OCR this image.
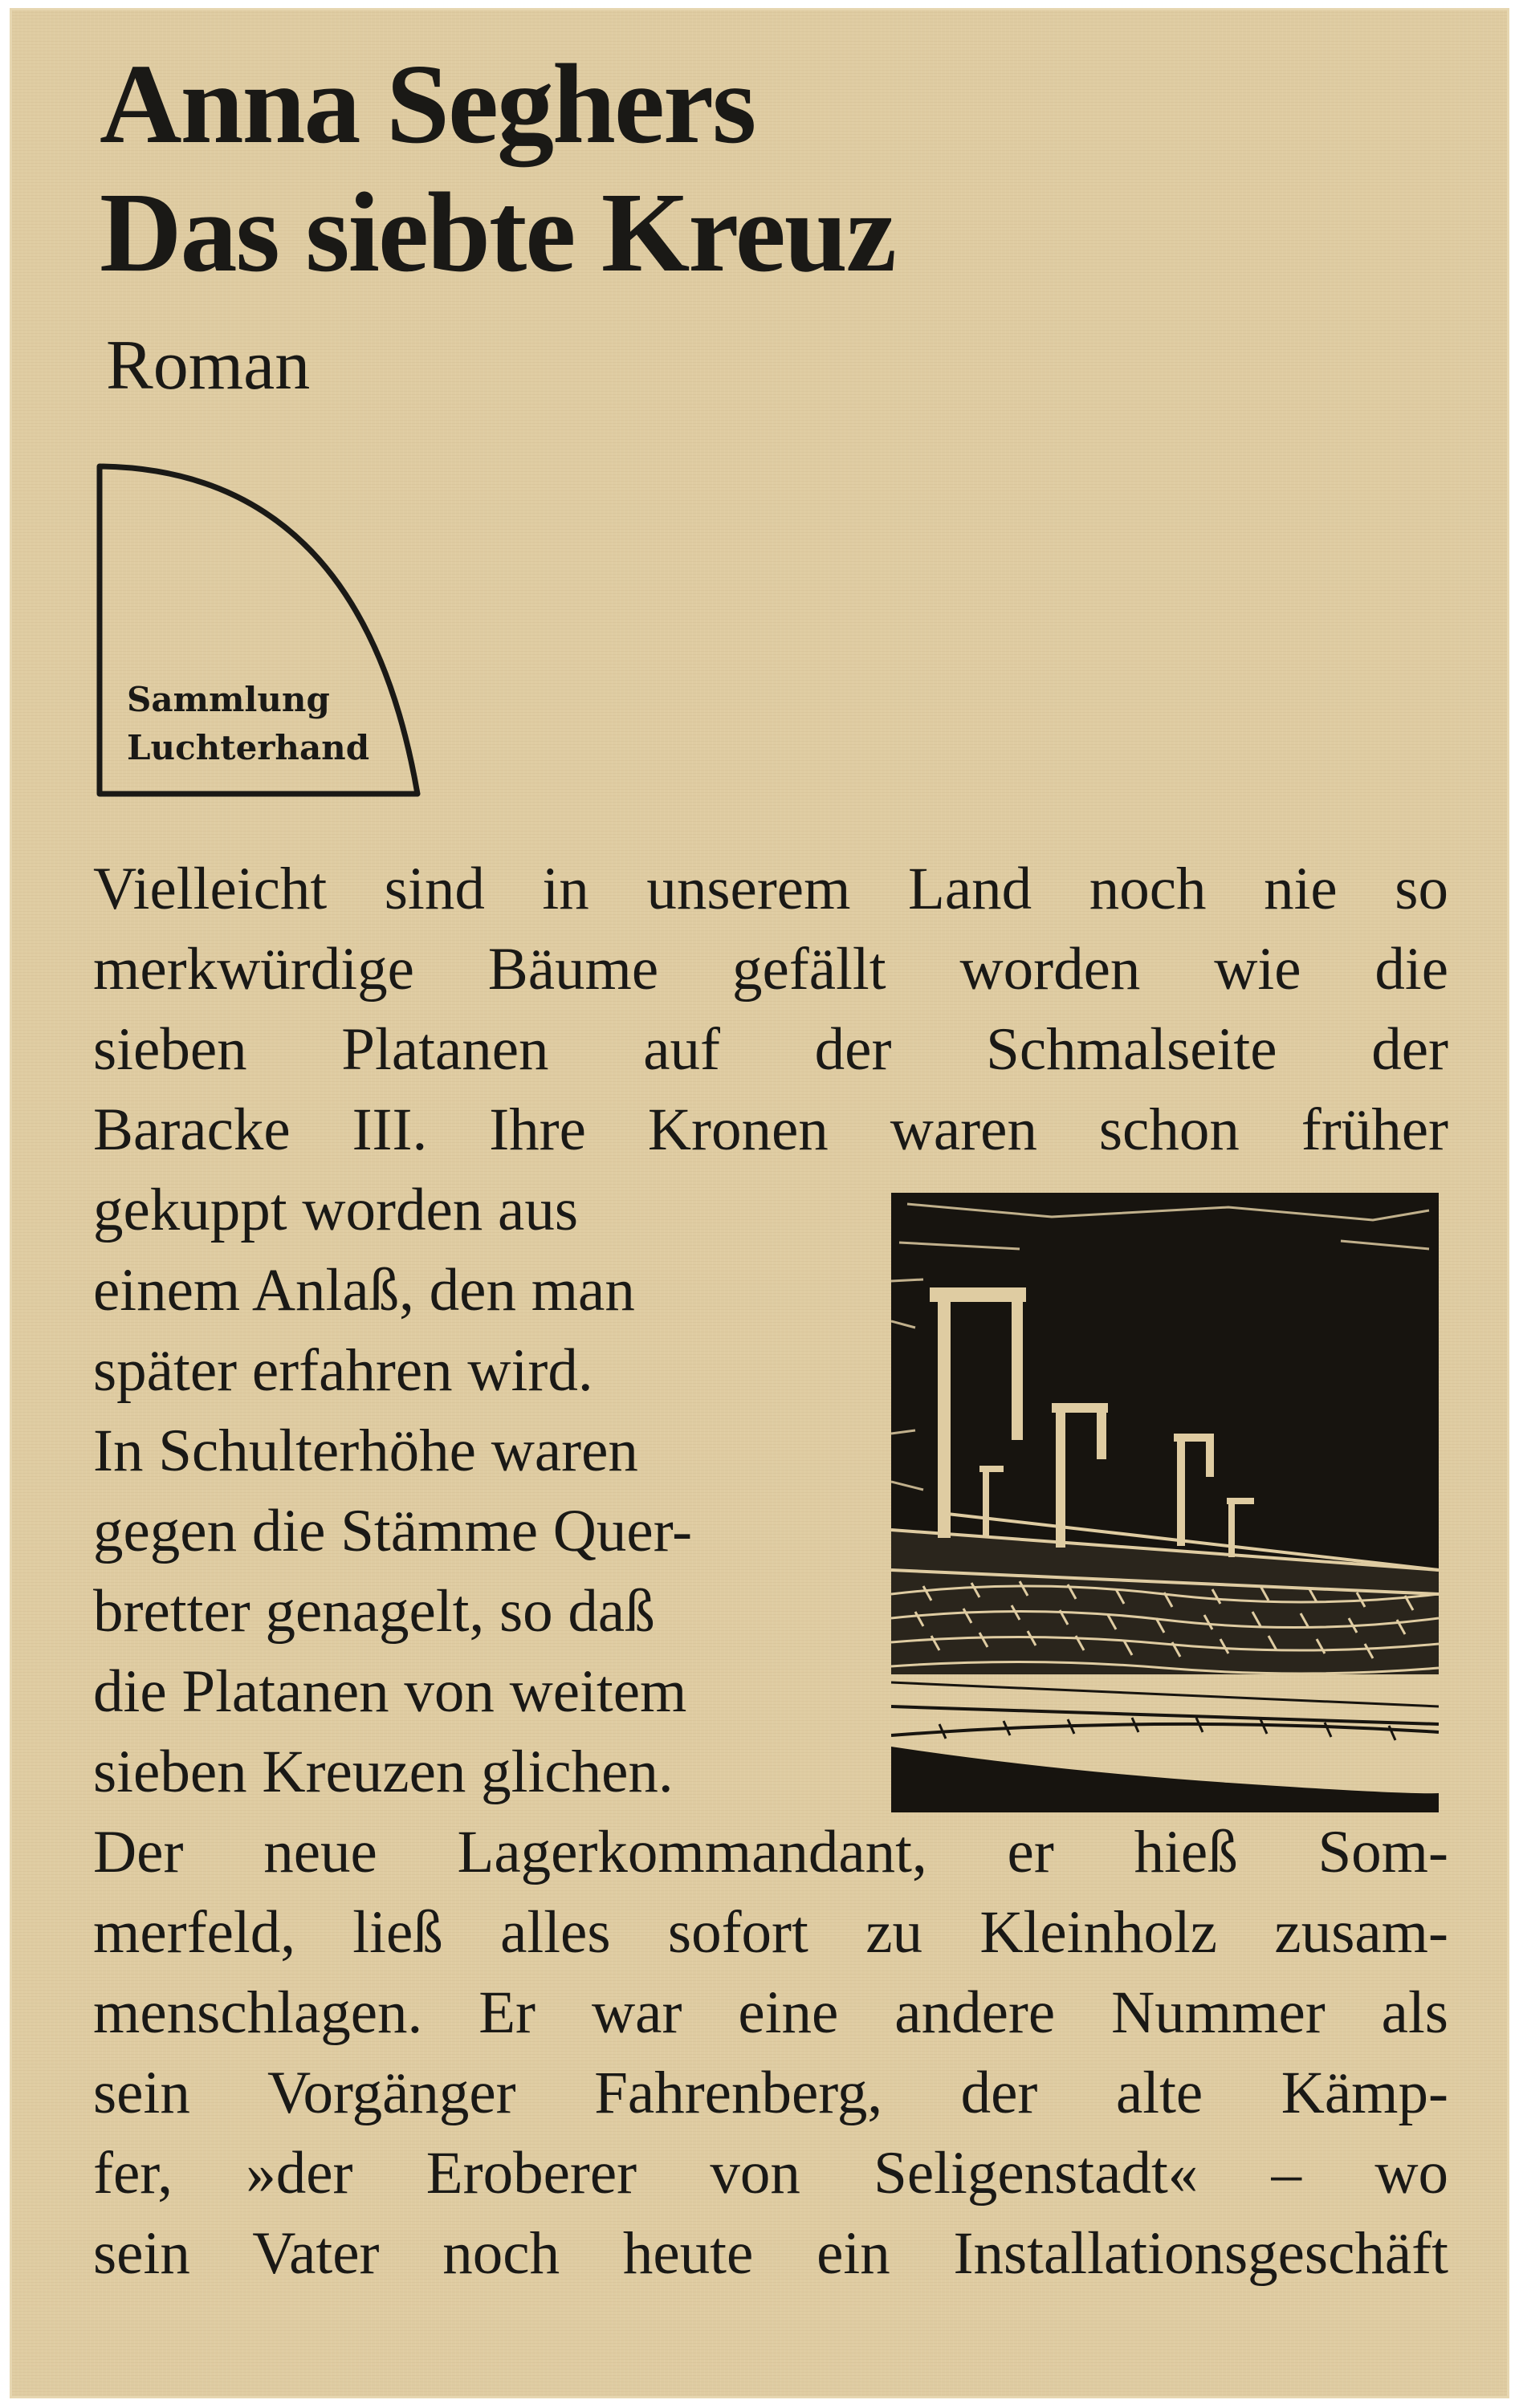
Anna Seghers
Das siebte Kreuz

Roman

Sammlung
Luchterhand
Vielleicht sind in unserem Land noch nie so
merkwürdige Bäume gefällt worden wie die
sieben Platanen auf der Schmalseite der
Baracke III. Ihre Kronen waren schon früher
gekuppt worden aus
einem Anlaß, den man
später erfahren wird.
In Schulterhöhe waren
gegen die Stämme Quer-
bretter genagelt, so daß
die Platanen von weitem
sieben Kreuzen glichen.
Der neue Lagerkommandant, er hieß Som-
merfeld, ließ alles sofort zu Kleinholz zusam-
menschlagen. Er war eine andere Nummer als
sein Vorgänger Fahrenberg, der alte Kämp-
fer, »der Eroberer von Seligenstadt« – wo
sein Vater noch heute ein Installationsgeschäft
